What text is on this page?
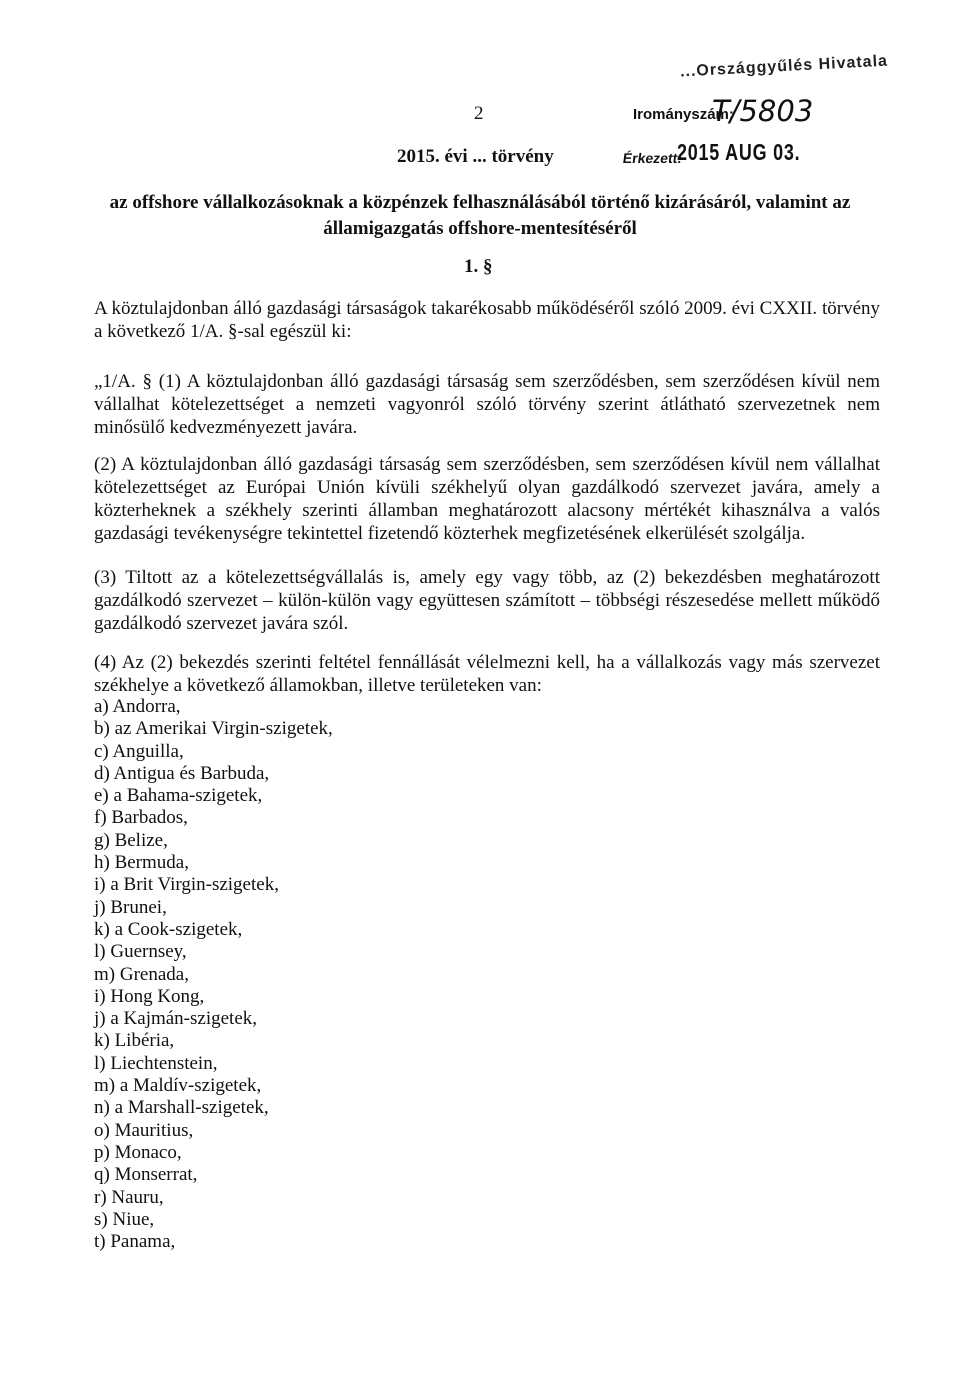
...Országgyűlés Hivatala
2	Irományszám:
T/5803
2015. évi ... törvény	Érkezett:
2015 AUG 03.
az offshore vállalkozásoknak a közpénzek felhasználásából történő kizárásáról, valamint az államigazgatás offshore-mentesítéséről
1. §
A köztulajdonban álló gazdasági társaságok takarékosabb működéséről szóló 2009. évi CXXII. törvény a következő 1/A. §-sal egészül ki:
„1/A. § (1) A köztulajdonban álló gazdasági társaság sem szerződésben, sem szerződésen kívül nem vállalhat kötelezettséget a nemzeti vagyonról szóló törvény szerint átlátható szervezetnek nem minősülő kedvezményezett javára.
(2) A köztulajdonban álló gazdasági társaság sem szerződésben, sem szerződésen kívül nem vállalhat kötelezettséget az Európai Unión kívüli székhelyű olyan gazdálkodó szervezet javára, amely a közterheknek a székhely szerinti államban meghatározott alacsony mértékét kihasználva a valós gazdasági tevékenységre tekintettel fizetendő közterhek megfizetésének elkerülését szolgálja.
(3) Tiltott az a kötelezettségvállalás is, amely egy vagy több, az (2) bekezdésben meghatározott gazdálkodó szervezet – külön-külön vagy együttesen számított – többségi részesedése mellett működő gazdálkodó szervezet javára szól.
(4) Az (2) bekezdés szerinti feltétel fennállását vélelmezni kell, ha a vállalkozás vagy más szervezet székhelye a következő államokban, illetve területeken van:
a) Andorra,
b) az Amerikai Virgin-szigetek,
c) Anguilla,
d) Antigua és Barbuda,
e) a Bahama-szigetek,
f) Barbados,
g) Belize,
h) Bermuda,
i) a Brit Virgin-szigetek,
j) Brunei,
k) a Cook-szigetek,
l) Guernsey,
m) Grenada,
i) Hong Kong,
j) a Kajmán-szigetek,
k) Libéria,
l) Liechtenstein,
m) a Maldív-szigetek,
n) a Marshall-szigetek,
o) Mauritius,
p) Monaco,
q) Monserrat,
r) Nauru,
s) Niue,
t) Panama,
